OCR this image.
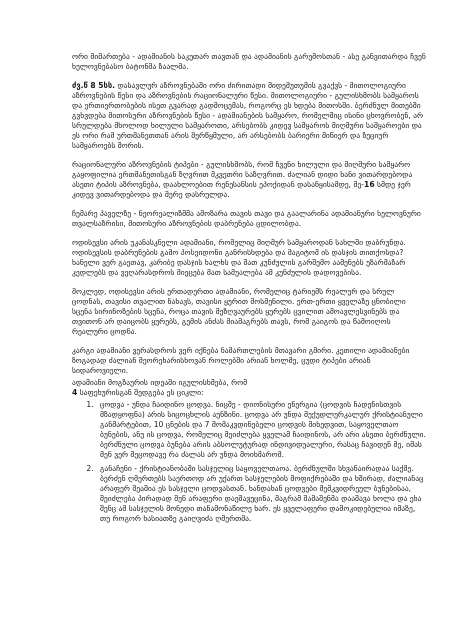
ორი მიმართება - ადამიანის საკუთარ თავთან და ადამიანის გარემოსთან - ასე განვითარდა ჩვენ ხელოვნებასო ბატონმა ზაალმა.

ძვ.წ 8 5სს. დასავლურ აზროვნებაში ორი ძირითადი მიდემუთუმის გვაქვს - მითოლოგიური აზროვნების წესი და აზროვნების რაციონალური წესი. მითოლოგიური - გულისხმობს სამყაროს და ერთიერთობების ისეთ გვარად გადმოცემას, როგორც ეს ხდება მითოსში. ბერძნულ მითებში გვხვდება მითოსური აზროვნების წესი - ადამიანების სამყარო, რომელშიც ისინი ცხოვრობენ, არ სრულდება მხოლოდ ხილული სამყაროთი, არსებობს კიდევ სამყაროს მიღმური სამყაროები და ეს ორი რამ ურთმანეთთან არის შერწყმული, არ არსებობს ბარიერი მიწიერ და ზეციურ სამყაროებს შორის.

რაციონალური აზროვნების ტიპები - გულისხმობს, რომ ჩვენი ხილული და მიღმური სამყარო გაყოფილია ერთმანეთისგან ზღვრით მკვეთრი საზღვრით. ძალიან დიდი ხანი ვითარდებოდა ასეთი ტიპის აზროვნება, დაახლოებით რენესანსის ეპოქიდან დასანყისამდე, მე-16 სმდე ჯერ კიდევ ვითარდებოდა და მერე დასრულდა.

ჩემარე პაველზე - ნეორეალიზმმა ამოზარა თავის თავი და გაალარინა ადამიანური ხელოვნური თვალსაზრისი, მითოსური აზროვნების დაბრუნება ცდილობდა.

ოდისევსი არის უკანასკნელი ადამიანი, რომელიც მიღმურ სამყაროდან სახლში დაბრუნდა. ოდისევსის დაბრუნების გამო პოსეიდონი განრისხდება და მაგიტომ ის დასჯის თითქოსდა? ხანელი ვერ გაეთავ, კარიბე დასჯის ხალხს და შათ კუნძულის გარშემო აამენებს უზარმაზარ კედლებს და ვეღარასდროს მიეცება მათ სამუალება ამ კუნძულის დადოვებისა.

მოკლედ, ოდისევსი არის ერთადერთი ადამიანი, რომელიც ტარიემს რეალურ და სრულ ცოდნას, თავისი თვალით ნახავს, თავისი ყურით მოსმენილი. ერთ-ერთი ყველაზე ცნობილი სცენა სირინოზების სცენა, როცა თავის მეზღვაურებს ყურებს ცვილით ამოავლესვინებს და თვითონ არ დაიცობს ყურებს, გემის ანძას მიამაგრებს თავს, რომ გაიგოს და წამოიღოს რეალური ცოდნა.

კარგი ადამიანი ვერასდროს ვერ იქნება ნამართლების მთავარი გმირი. კეთილი ადამიანები ზოგადად ძალიან მეორეხარისხოვან როლებში არიან ხოლმე, ცუდი ტიპები არიან სიდაროვიელი.

ადამიანი მოგზაურის იდეაში იგულისხმება, რომ
4 საფეხურისგან შედგება ეს ციკლი:

1. ცოდვა - უნდა ჩაიდინო ცოდვა. ნიცშე - დიონისური ენერგია (ცოდვის ჩადენისთვის მზადყოფნა) არის სიცოცხლის აუნზინი. ცოდვა არ უნდა მექუდლურკალურ ქრისტიანული განმარტებით, 10 ცნების და 7 მომაკვდინებელი ცოდვის მიხედვით, საყოველთაო ბუნების, ანუ ის ცოდვა, რომელიც მეიძლება ყველამ ჩაიდინოს, არ არი ასეთი ბერძნული. ბერძნული ცოდვა ბუნება არის აბსოლუტურად ინდივიდუალური, რასაც ჩავიდენ მე, იმას მენ ვერ მეცოდავე რა ძალას არ უნდა მოიხმარომ.
2. განაჩენი - ქრისტიანობაში სასჯელიც საყოველთაოა. ბერძნულში სხვანაირადაა საქმე. ბერძენ ღმერთებს საერთოდ არ უქართ სასჯელების მოფიქრებაში და ხშირად, ძალიანაც არაფერ შეაშია ეს სასჯელი ცოდვასთან. ხანდახან ცოდვები მემკვიდრეულ ბუნებისაა, შეიძლება პირადად შენ არაფერი დაეშავეცინა, მაგრამ შამაშენმა დააშავა ხოლა და ეხა შენც ამ სასჯელის მონედი თანამონაწილე ხარ. ეს ყველაფერი დამოკიდებულია იმაზე, თუ როგორ ხასიათზე გაიღვიძა ღმერთმა.
